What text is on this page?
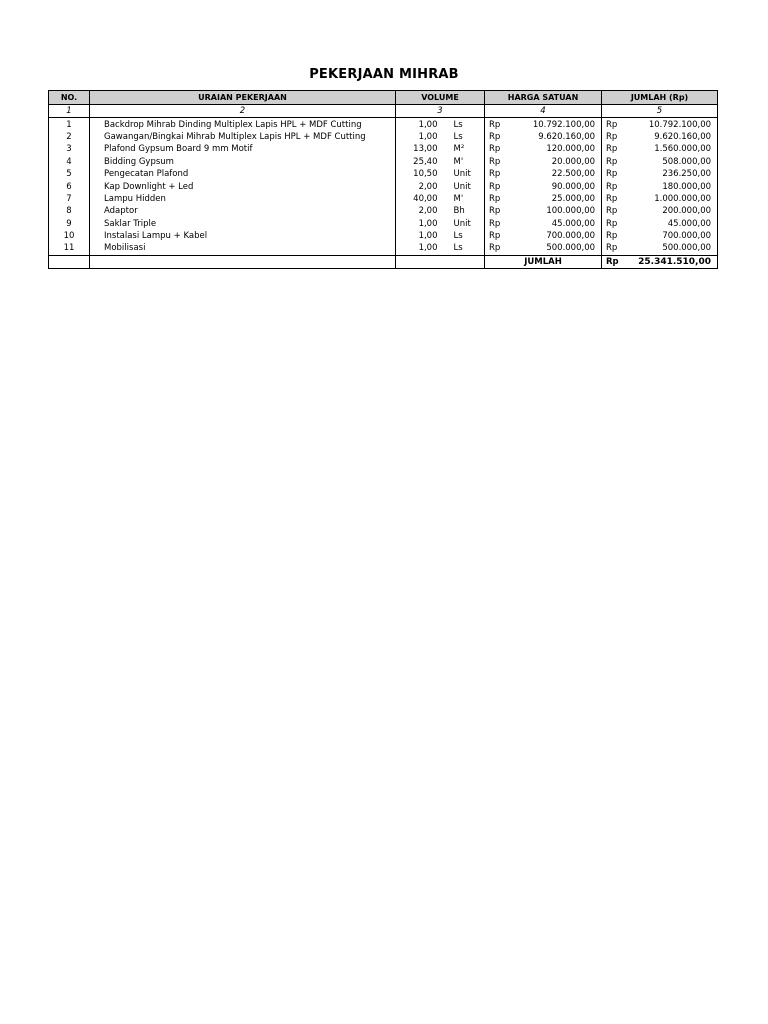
PEKERJAAN MIHRAB
NO.	URAIAN PEKERJAAN	VOLUME		HARGA SATUAN		JUMLAH (Rp)	
1	2	3		4		5	
1	Backdrop Mihrab Dinding Multiplex Lapis HPL + MDF Cutting	1,00	Ls	Rp	10.792.100,00	Rp	10.792.100,00
2	Gawangan/Bingkai Mihrab Multiplex Lapis HPL + MDF Cutting	1,00	Ls	Rp	9.620.160,00	Rp	9.620.160,00
3	Plafond Gypsum Board 9 mm Motif	13,00	M²	Rp	120.000,00	Rp	1.560.000,00
4	Bidding Gypsum	25,40	M'	Rp	20.000,00	Rp	508.000,00
5	Pengecatan Plafond	10,50	Unit	Rp	22.500,00	Rp	236.250,00
6	Kap Downlight + Led	2,00	Unit	Rp	90.000,00	Rp	180.000,00
7	Lampu Hidden	40,00	M'	Rp	25.000,00	Rp	1.000.000,00
8	Adaptor	2,00	Bh	Rp	100.000,00	Rp	200.000,00
9	Saklar Triple	1,00	Unit	Rp	45.000,00	Rp	45.000,00
10	Instalasi Lampu + Kabel	1,00	Ls	Rp	700.000,00	Rp	700.000,00
11	Mobilisasi	1,00	Ls	Rp	500.000,00	Rp	500.000,00
				JUMLAH		Rp	25.341.510,00
